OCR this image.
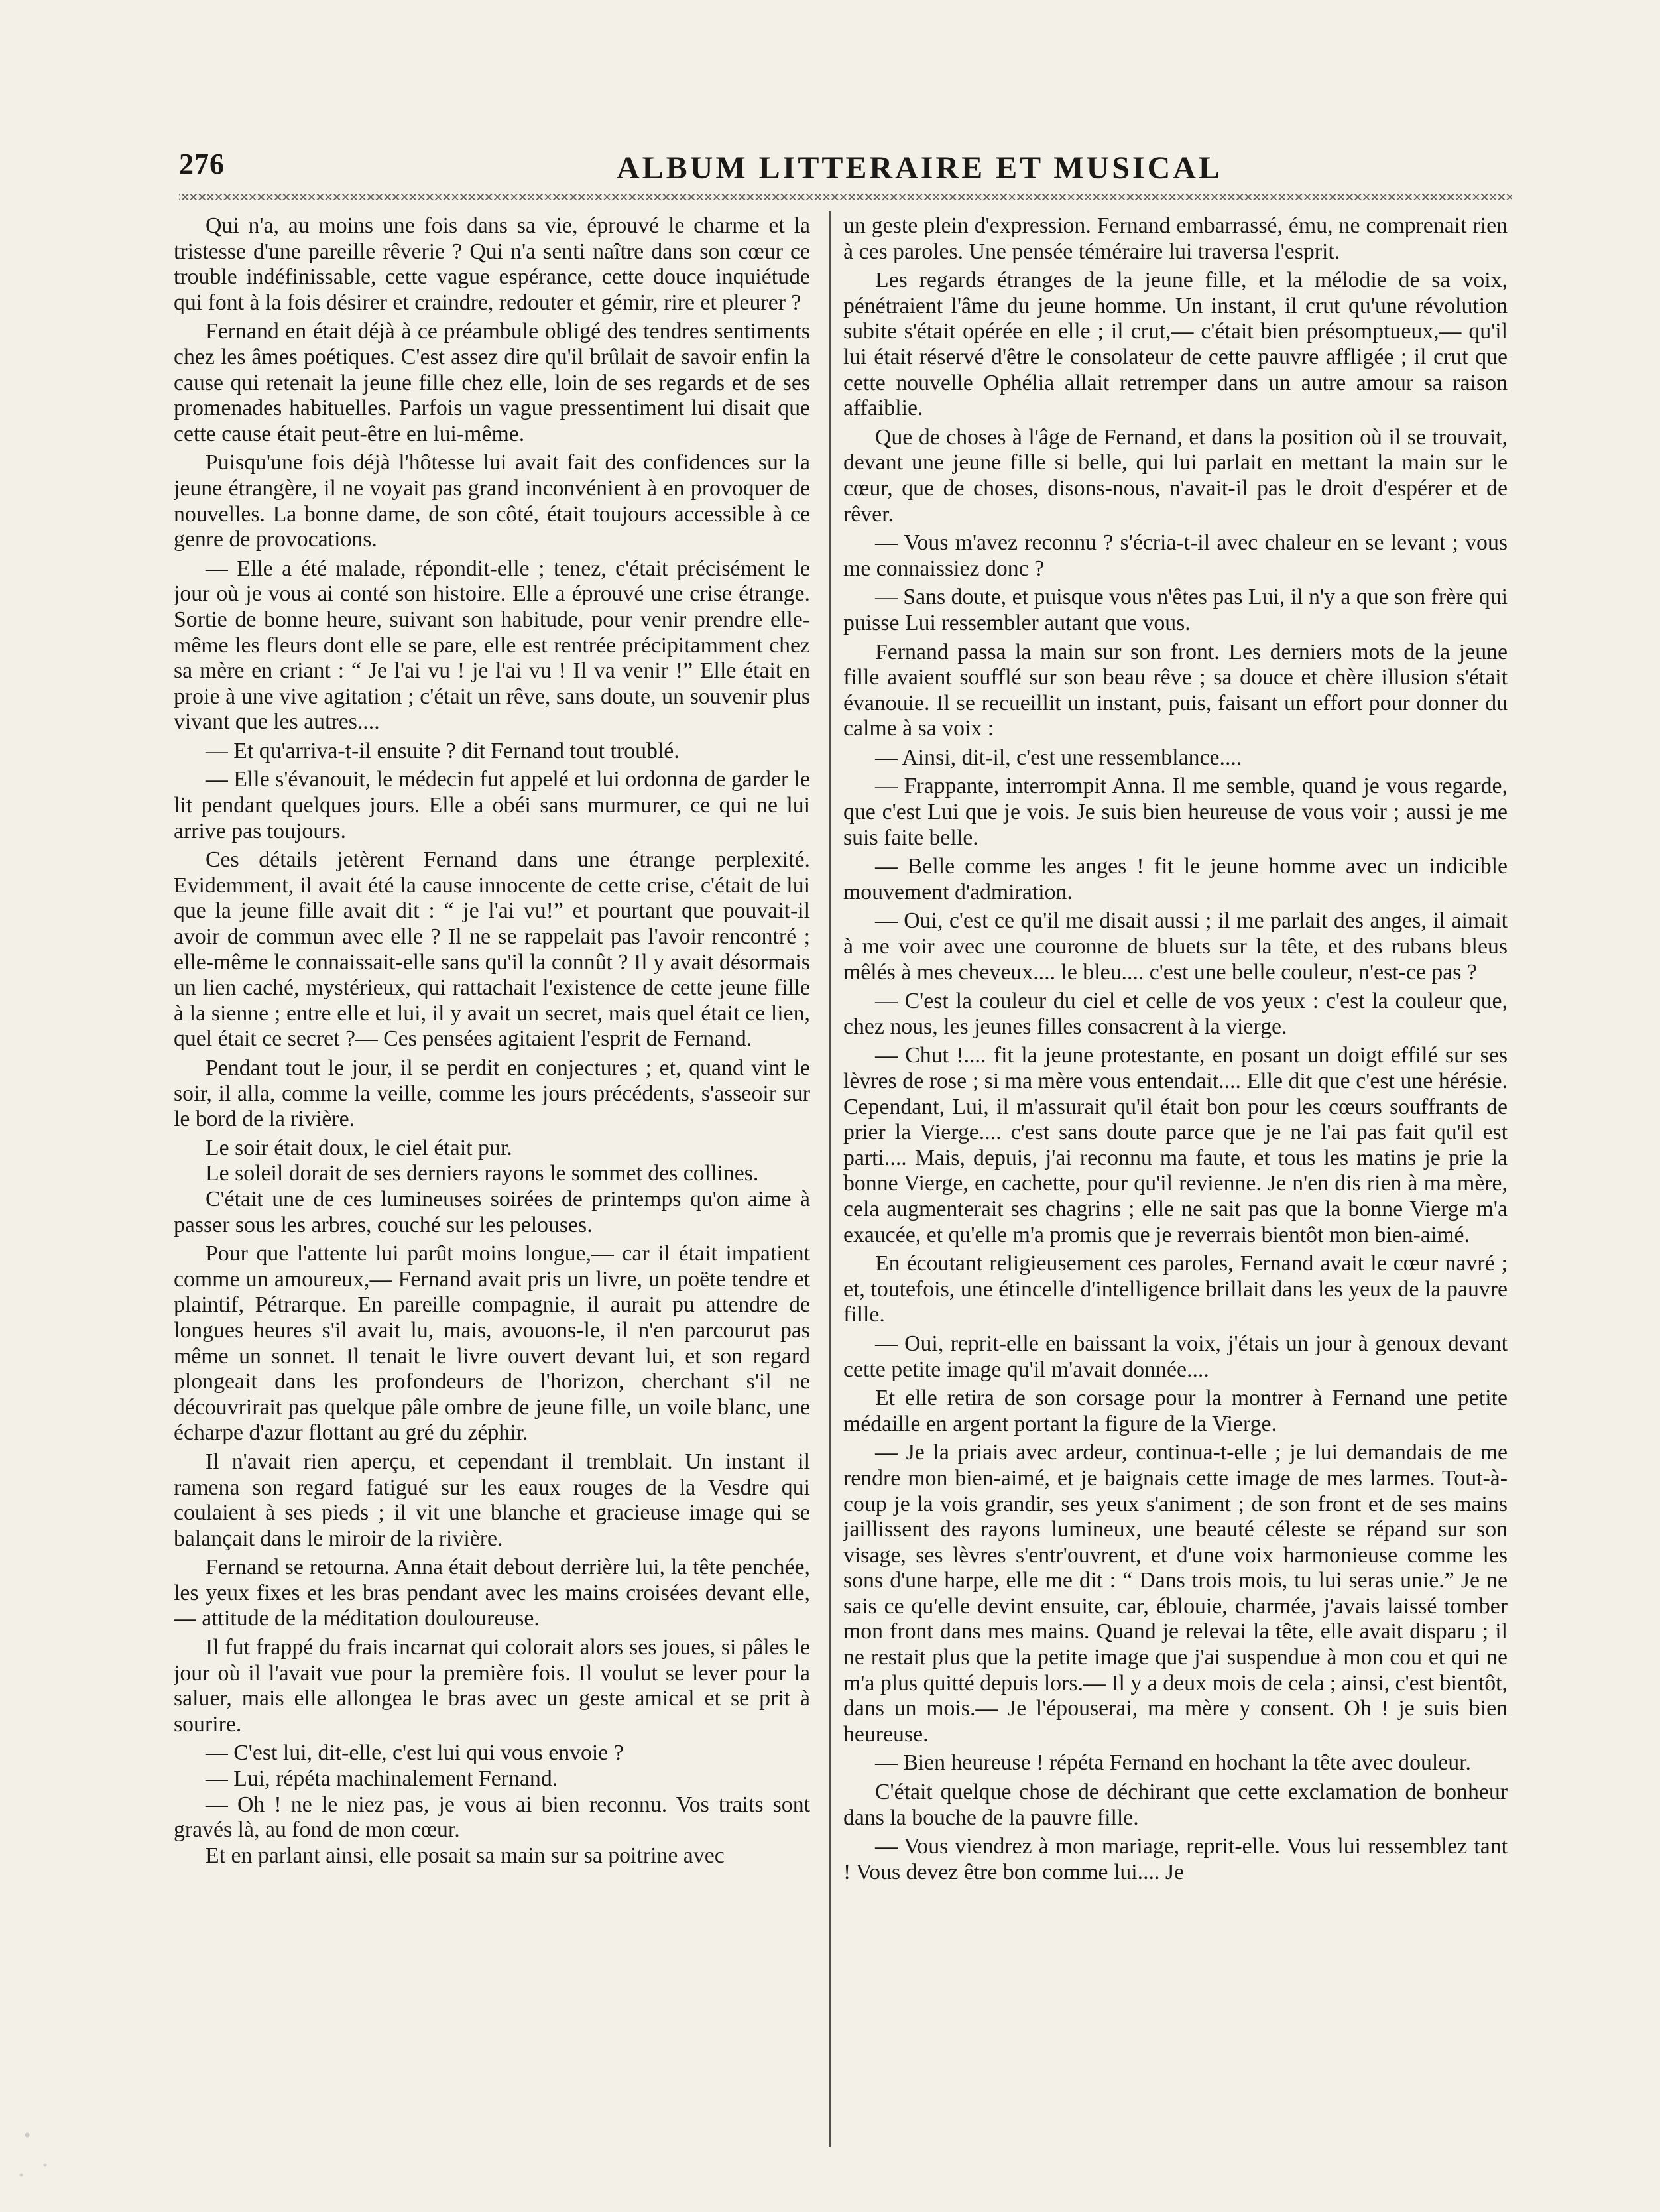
276	ALBUM LITTERAIRE ET MUSICAL

Qui n'a, au moins une fois dans sa vie, éprouvé le charme et la tristesse d'une pareille rêverie ? Qui n'a senti naître dans son cœur ce trouble indéfinissable, cette vague espérance, cette douce inquiétude qui font à la fois désirer et craindre, redouter et gémir, rire et pleurer ?

Fernand en était déjà à ce préambule obligé des tendres sentiments chez les âmes poétiques. C'est assez dire qu'il brûlait de savoir enfin la cause qui retenait la jeune fille chez elle, loin de ses regards et de ses promenades habituelles. Parfois un vague pressentiment lui disait que cette cause était peut-être en lui-même.

Puisqu'une fois déjà l'hôtesse lui avait fait des confidences sur la jeune étrangère, il ne voyait pas grand inconvénient à en provoquer de nouvelles. La bonne dame, de son côté, était toujours accessible à ce genre de provocations.

— Elle a été malade, répondit-elle ; tenez, c'était précisément le jour où je vous ai conté son histoire. Elle a éprouvé une crise étrange. Sortie de bonne heure, suivant son habitude, pour venir prendre elle-même les fleurs dont elle se pare, elle est rentrée précipitamment chez sa mère en criant : “ Je l'ai vu ! je l'ai vu ! Il va venir !” Elle était en proie à une vive agitation ; c'était un rêve, sans doute, un souvenir plus vivant que les autres....

— Et qu'arriva-t-il ensuite ? dit Fernand tout troublé.

— Elle s'évanouit, le médecin fut appelé et lui ordonna de garder le lit pendant quelques jours. Elle a obéi sans murmurer, ce qui ne lui arrive pas toujours.

Ces détails jetèrent Fernand dans une étrange perplexité. Evidemment, il avait été la cause innocente de cette crise, c'était de lui que la jeune fille avait dit : “ je l'ai vu!” et pourtant que pouvait-il avoir de commun avec elle ? Il ne se rappelait pas l'avoir rencontré ; elle-même le connaissait-elle sans qu'il la connût ? Il y avait désormais un lien caché, mystérieux, qui rattachait l'existence de cette jeune fille à la sienne ; entre elle et lui, il y avait un secret, mais quel était ce lien, quel était ce secret ?— Ces pensées agitaient l'esprit de Fernand.

Pendant tout le jour, il se perdit en conjectures ; et, quand vint le soir, il alla, comme la veille, comme les jours précédents, s'asseoir sur le bord de la rivière.

Le soir était doux, le ciel était pur.

Le soleil dorait de ses derniers rayons le sommet des collines.

C'était une de ces lumineuses soirées de printemps qu'on aime à passer sous les arbres, couché sur les pelouses.

Pour que l'attente lui parût moins longue,— car il était impatient comme un amoureux,— Fernand avait pris un livre, un poëte tendre et plaintif, Pétrarque. En pareille compagnie, il aurait pu attendre de longues heures s'il avait lu, mais, avouons-le, il n'en parcourut pas même un sonnet. Il tenait le livre ouvert devant lui, et son regard plongeait dans les profondeurs de l'horizon, cherchant s'il ne découvrirait pas quelque pâle ombre de jeune fille, un voile blanc, une écharpe d'azur flottant au gré du zéphir.

Il n'avait rien aperçu, et cependant il tremblait. Un instant il ramena son regard fatigué sur les eaux rouges de la Vesdre qui coulaient à ses pieds ; il vit une blanche et gracieuse image qui se balançait dans le miroir de la rivière.

Fernand se retourna. Anna était debout derrière lui, la tête penchée, les yeux fixes et les bras pendant avec les mains croisées devant elle,— attitude de la méditation douloureuse.

Il fut frappé du frais incarnat qui colorait alors ses joues, si pâles le jour où il l'avait vue pour la première fois. Il voulut se lever pour la saluer, mais elle allongea le bras avec un geste amical et se prit à sourire.

— C'est lui, dit-elle, c'est lui qui vous envoie ?

— Lui, répéta machinalement Fernand.

— Oh ! ne le niez pas, je vous ai bien reconnu. Vos traits sont gravés là, au fond de mon cœur.

Et en parlant ainsi, elle posait sa main sur sa poitrine avec

un geste plein d'expression. Fernand embarrassé, ému, ne comprenait rien à ces paroles. Une pensée téméraire lui traversa l'esprit.

Les regards étranges de la jeune fille, et la mélodie de sa voix, pénétraient l'âme du jeune homme. Un instant, il crut qu'une révolution subite s'était opérée en elle ; il crut,— c'était bien présomptueux,— qu'il lui était réservé d'être le consolateur de cette pauvre affligée ; il crut que cette nouvelle Ophélia allait retremper dans un autre amour sa raison affaiblie.

Que de choses à l'âge de Fernand, et dans la position où il se trouvait, devant une jeune fille si belle, qui lui parlait en mettant la main sur le cœur, que de choses, disons-nous, n'avait-il pas le droit d'espérer et de rêver.

— Vous m'avez reconnu ? s'écria-t-il avec chaleur en se levant ; vous me connaissiez donc ?

— Sans doute, et puisque vous n'êtes pas Lui, il n'y a que son frère qui puisse Lui ressembler autant que vous.

Fernand passa la main sur son front. Les derniers mots de la jeune fille avaient soufflé sur son beau rêve ; sa douce et chère illusion s'était évanouie. Il se recueillit un instant, puis, faisant un effort pour donner du calme à sa voix :

— Ainsi, dit-il, c'est une ressemblance....

— Frappante, interrompit Anna. Il me semble, quand je vous regarde, que c'est Lui que je vois. Je suis bien heureuse de vous voir ; aussi je me suis faite belle.

— Belle comme les anges ! fit le jeune homme avec un indicible mouvement d'admiration.

— Oui, c'est ce qu'il me disait aussi ; il me parlait des anges, il aimait à me voir avec une couronne de bluets sur la tête, et des rubans bleus mêlés à mes cheveux.... le bleu.... c'est une belle couleur, n'est-ce pas ?

— C'est la couleur du ciel et celle de vos yeux : c'est la couleur que, chez nous, les jeunes filles consacrent à la vierge.

— Chut !.... fit la jeune protestante, en posant un doigt effilé sur ses lèvres de rose ; si ma mère vous entendait.... Elle dit que c'est une hérésie. Cependant, Lui, il m'assurait qu'il était bon pour les cœurs souffrants de prier la Vierge.... c'est sans doute parce que je ne l'ai pas fait qu'il est parti.... Mais, depuis, j'ai reconnu ma faute, et tous les matins je prie la bonne Vierge, en cachette, pour qu'il revienne. Je n'en dis rien à ma mère, cela augmenterait ses chagrins ; elle ne sait pas que la bonne Vierge m'a exaucée, et qu'elle m'a promis que je reverrais bientôt mon bien-aimé.

En écoutant religieusement ces paroles, Fernand avait le cœur navré ; et, toutefois, une étincelle d'intelligence brillait dans les yeux de la pauvre fille.

— Oui, reprit-elle en baissant la voix, j'étais un jour à genoux devant cette petite image qu'il m'avait donnée....

Et elle retira de son corsage pour la montrer à Fernand une petite médaille en argent portant la figure de la Vierge.

— Je la priais avec ardeur, continua-t-elle ; je lui demandais de me rendre mon bien-aimé, et je baignais cette image de mes larmes. Tout-à-coup je la vois grandir, ses yeux s'animent ; de son front et de ses mains jaillissent des rayons lumineux, une beauté céleste se répand sur son visage, ses lèvres s'entr'ouvrent, et d'une voix harmonieuse comme les sons d'une harpe, elle me dit : “ Dans trois mois, tu lui seras unie.” Je ne sais ce qu'elle devint ensuite, car, éblouie, charmée, j'avais laissé tomber mon front dans mes mains. Quand je relevai la tête, elle avait disparu ; il ne restait plus que la petite image que j'ai suspendue à mon cou et qui ne m'a plus quitté depuis lors.— Il y a deux mois de cela ; ainsi, c'est bientôt, dans un mois.— Je l'épouserai, ma mère y consent. Oh ! je suis bien heureuse.

— Bien heureuse ! répéta Fernand en hochant la tête avec douleur.

C'était quelque chose de déchirant que cette exclamation de bonheur dans la bouche de la pauvre fille.

— Vous viendrez à mon mariage, reprit-elle. Vous lui ressemblez tant ! Vous devez être bon comme lui.... Je
